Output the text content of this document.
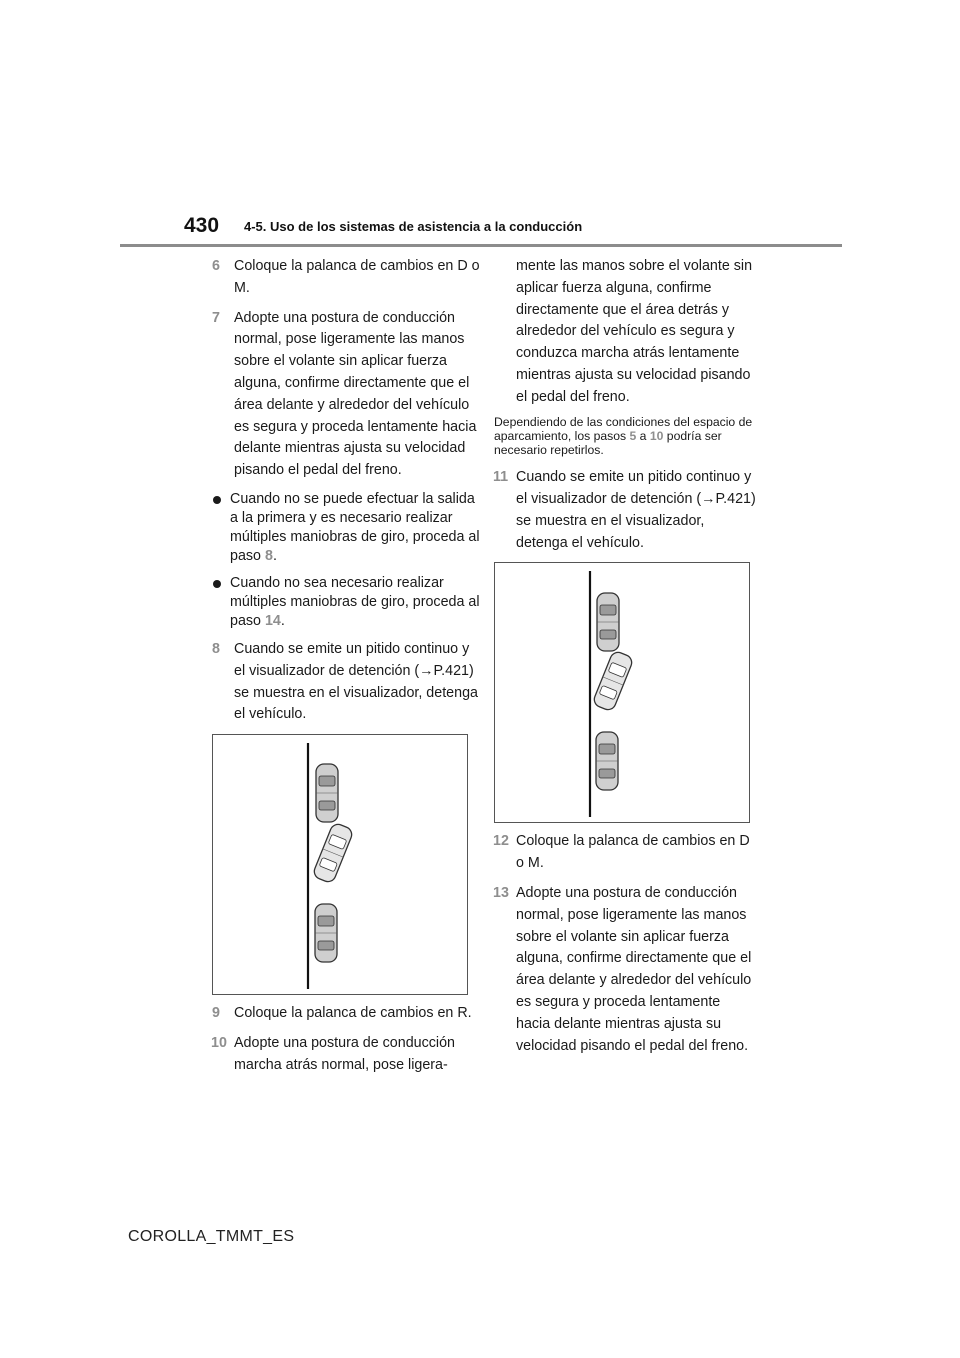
430 4-5. Uso de los sistemas de asistencia a la conducción
6 Coloque la palanca de cambios en D o M.
7 Adopte una postura de conducción normal, pose ligeramente las manos sobre el volante sin aplicar fuerza alguna, confirme directamente que el área delante y alrededor del vehículo es segura y proceda lentamente hacia delante mientras ajusta su velocidad pisando el pedal del freno.
Cuando no se puede efectuar la salida a la primera y es necesario realizar múltiples maniobras de giro, proceda al paso 8.
Cuando no sea necesario realizar múltiples maniobras de giro, proceda al paso 14.
8 Cuando se emite un pitido continuo y el visualizador de detención (→P.421) se muestra en el visualizador, detenga el vehículo.
9 Coloque la palanca de cambios en R.
10 Adopte una postura de conducción marcha atrás normal, pose ligera-
mente las manos sobre el volante sin aplicar fuerza alguna, confirme directamente que el área detrás y alrededor del vehículo es segura y conduzca marcha atrás lentamente mientras ajusta su velocidad pisando el pedal del freno.
Dependiendo de las condiciones del espacio de aparcamiento, los pasos 5 a 10 podría ser necesario repetirlos.
11 Cuando se emite un pitido continuo y el visualizador de detención (→P.421) se muestra en el visualizador, detenga el vehículo.
12 Coloque la palanca de cambios en D o M.
13 Adopte una postura de conducción normal, pose ligeramente las manos sobre el volante sin aplicar fuerza alguna, confirme directamente que el área delante y alrededor del vehículo es segura y proceda lentamente hacia delante mientras ajusta su velocidad pisando el pedal del freno.
COROLLA_TMMT_ES
